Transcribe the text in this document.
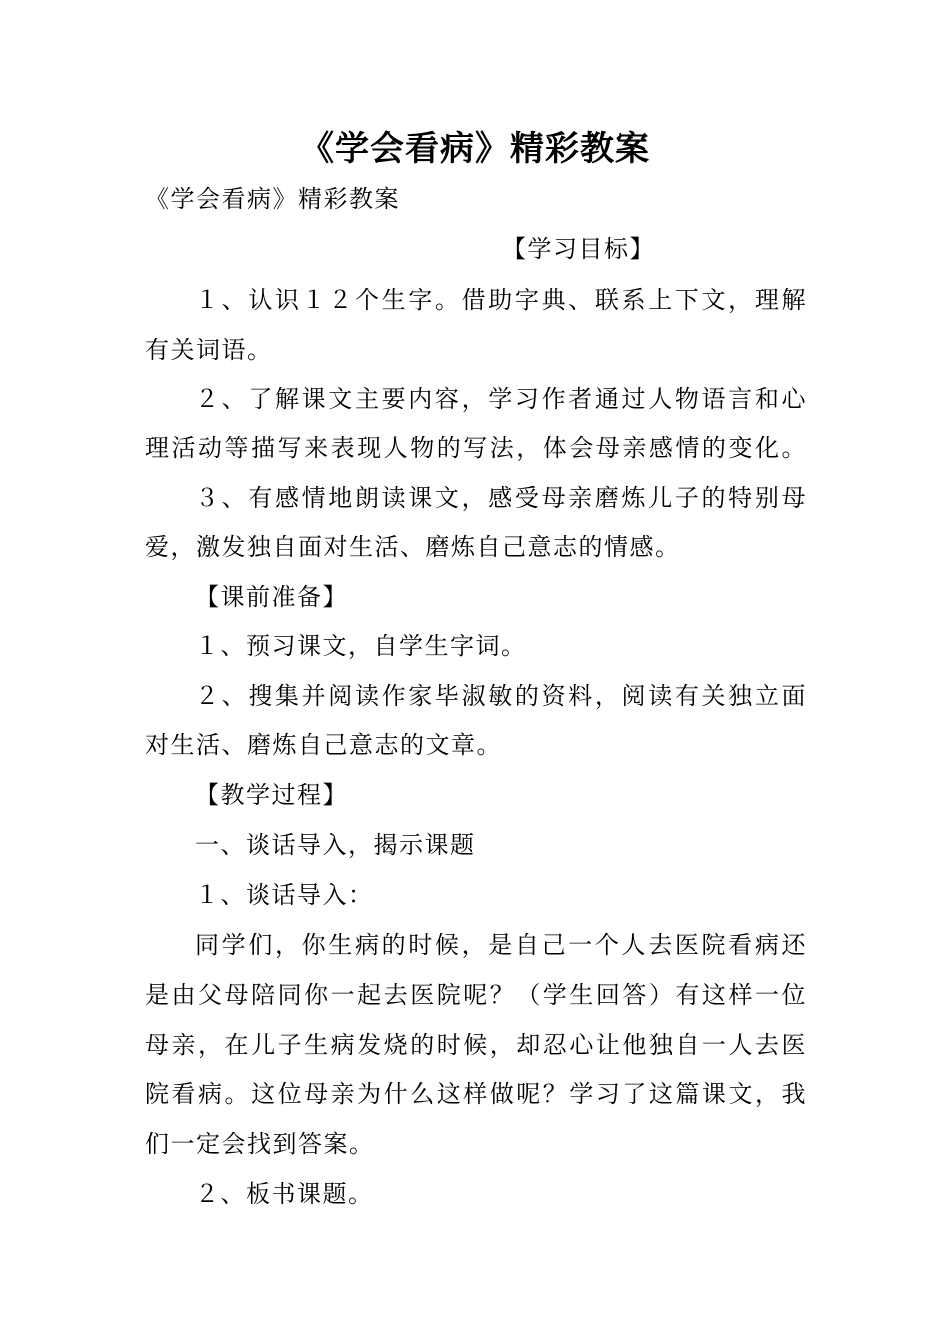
《学会看病》精彩教案
《学会看病》精彩教案
【学习目标】
１、认识１２个生字。借助字典、联系上下文，理解
有关词语。
２、了解课文主要内容，学习作者通过人物语言和心
理活动等描写来表现人物的写法，体会母亲感情的变化。
３、有感情地朗读课文，感受母亲磨炼儿子的特别母
爱，激发独自面对生活、磨炼自己意志的情感。
【课前准备】
１、预习课文，自学生字词。
２、搜集并阅读作家毕淑敏的资料，阅读有关独立面
对生活、磨炼自己意志的文章。
【教学过程】
一、谈话导入，揭示课题
１、谈话导入：
同学们，你生病的时候，是自己一个人去医院看病还
是由父母陪同你一起去医院呢？（学生回答）有这样一位
母亲，在儿子生病发烧的时候，却忍心让他独自一人去医
院看病。这位母亲为什么这样做呢？学习了这篇课文，我
们一定会找到答案。
２、板书课题。
